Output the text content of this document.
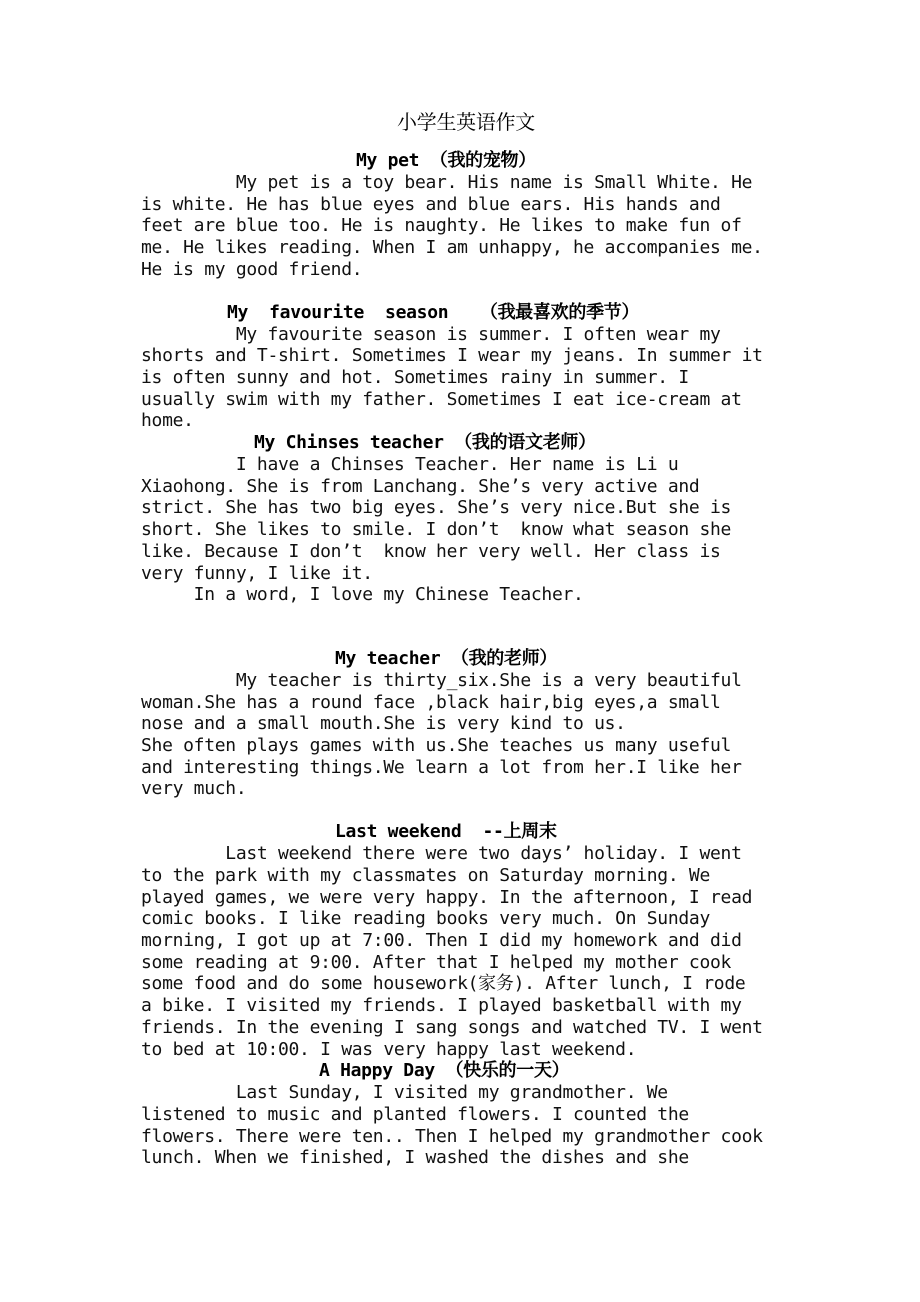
小学生英语作文
My pet （我的宠物）
My pet is a toy bear. His name is Small White. He
is white. He has blue eyes and blue ears. His hands and
feet are blue too. He is naughty. He likes to make fun of
me. He likes reading. When I am unhappy, he accompanies me.
He is my good friend.
My  favourite  season   （我最喜欢的季节）
My favourite season is summer. I often wear my
shorts and T-shirt. Sometimes I wear my jeans. In summer it
is often sunny and hot. Sometimes rainy in summer. I
usually swim with my father. Sometimes I eat ice-cream at
home.
My Chinses teacher （我的语文老师）
I have a Chinses Teacher. Her name is Li u
Xiaohong. She is from Lanchang. She’s very active and
strict. She has two big eyes. She’s very nice.But she is
short. She likes to smile. I don’t  know what season she
like. Because I don’t  know her very well. Her class is
very funny, I like it.
In a word, I love my Chinese Teacher.
My teacher （我的老师）
My teacher is thirty_six.She is a very beautiful
woman.She has a round face ,black hair,big eyes,a small
nose and a small mouth.She is very kind to us.
She often plays games with us.She teaches us many useful
and interesting things.We learn a lot from her.I like her
very much.
Last weekend  --上周末
Last weekend there were two days’ holiday. I went
to the park with my classmates on Saturday morning. We
played games, we were very happy. In the afternoon, I read
comic books. I like reading books very much. On Sunday
morning, I got up at 7:00. Then I did my homework and did
some reading at 9:00. After that I helped my mother cook
some food and do some housework(家务). After lunch, I rode
a bike. I visited my friends. I played basketball with my
friends. In the evening I sang songs and watched TV. I went
to bed at 10:00. I was very happy last weekend.
A Happy Day （快乐的一天）
Last Sunday, I visited my grandmother. We
listened to music and planted flowers. I counted the
flowers. There were ten.. Then I helped my grandmother cook
lunch. When we finished, I washed the dishes and she
